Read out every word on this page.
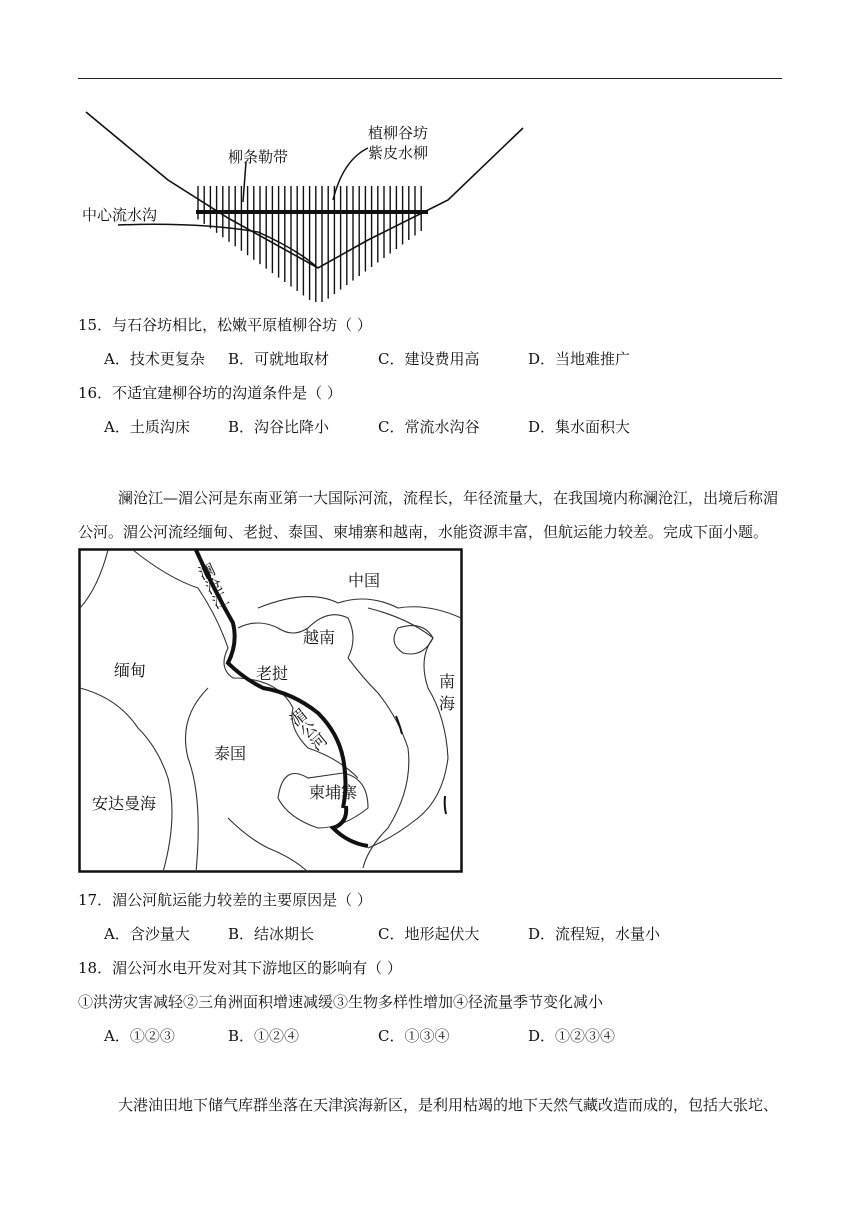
柳条勒带
植柳谷坊
紫皮水柳
中心流水沟
15．与石谷坊相比，松嫩平原植柳谷坊（ ）
A．技术更复杂 B．可就地取材	C．建设费用高	D．当地难推广
16．不适宜建柳谷坊的沟道条件是（ ）
A．土质沟床	B．沟谷比降小	C．常流水沟谷	D．集水面积大
澜沧江—湄公河是东南亚第一大国际河流，流程长，年径流量大，在我国境内称澜沧江，出境后称湄公河。湄公河流经缅甸、老挝、泰国、柬埔寨和越南，水能资源丰富，但航运能力较差。完成下面小题。
中国
澜沧江
越南
老挝
缅甸
南
海
湄公河
泰国
柬埔寨
安达曼海
17．湄公河航运能力较差的主要原因是（ ）
A．含沙量大	B．结冰期长	C．地形起伏大	D．流程短，水量小
18．湄公河水电开发对其下游地区的影响有（ ）
①洪涝灾害减轻②三角洲面积增速减缓③生物多样性增加④径流量季节变化减小
A．①②③	B．①②④	C．①③④	D．①②③④
大港油田地下储气库群坐落在天津滨海新区，是利用枯竭的地下天然气藏改造而成的，包括大张坨、
